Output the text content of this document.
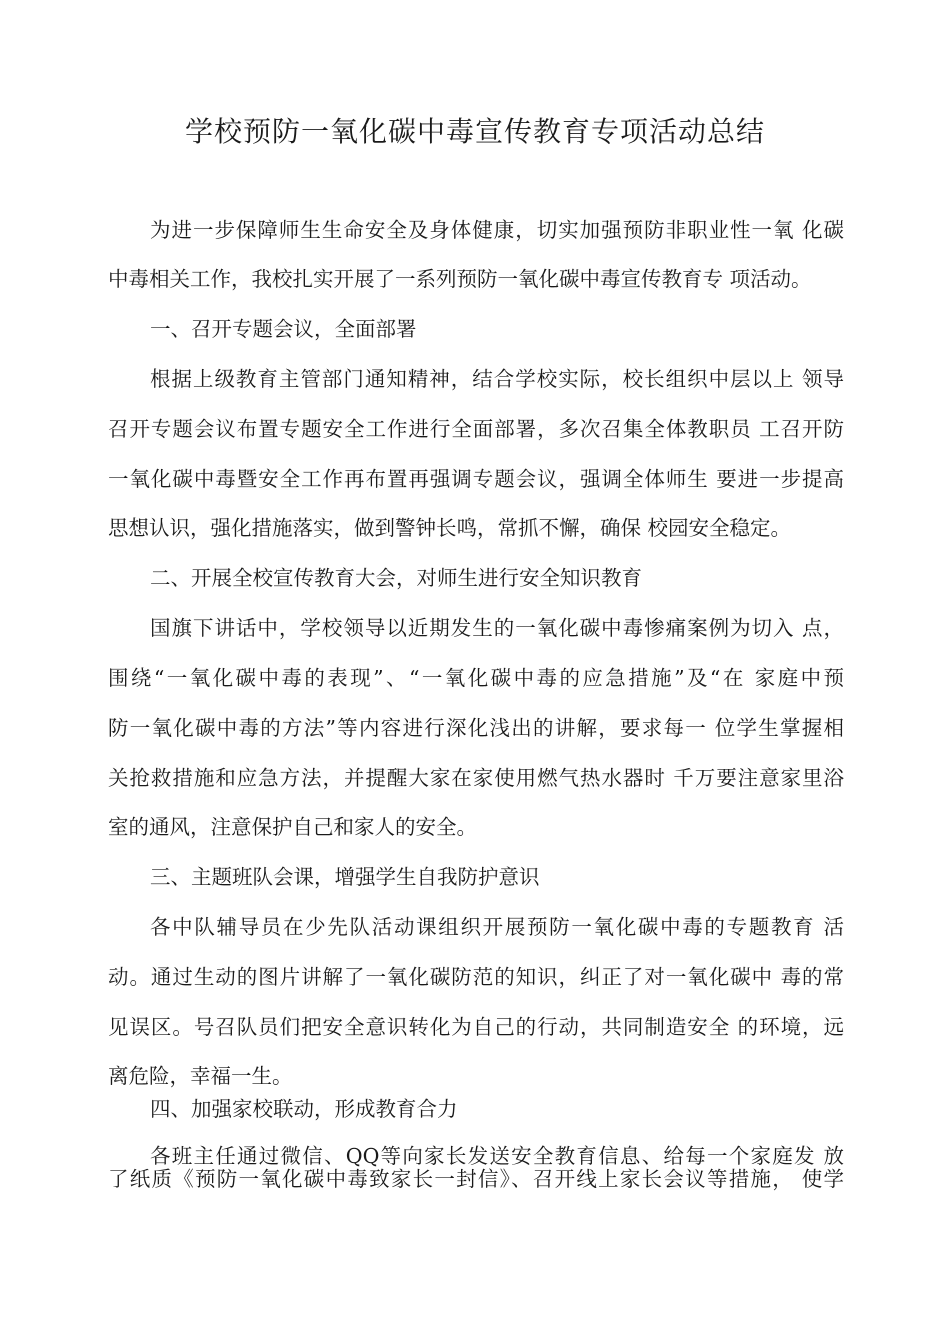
学校预防一氧化碳中毒宣传教育专项活动总结
为进一步保障师生生命安全及身体健康，切实加强预防非职业性一氧 化碳
中毒相关工作，我校扎实开展了一系列预防一氧化碳中毒宣传教育专 项活动。
一、召开专题会议，全面部署
根据上级教育主管部门通知精神，结合学校实际，校长组织中层以上 领导
召开专题会议布置专题安全工作进行全面部署，多次召集全体教职员 工召开防
一氧化碳中毒暨安全工作再布置再强调专题会议，强调全体师生 要进一步提高
思想认识，强化措施落实，做到警钟长鸣，常抓不懈，确保 校园安全稳定。
二、开展全校宣传教育大会，对师生进行安全知识教育
国旗下讲话中，学校领导以近期发生的一氧化碳中毒惨痛案例为切入 点，
围绕“一氧化碳中毒的表现”、“一氧化碳中毒的应急措施”及“在 家庭中预
防一氧化碳中毒的方法”等内容进行深化浅出的讲解，要求每一 位学生掌握相
关抢救措施和应急方法，并提醒大家在家使用燃气热水器时 千万要注意家里浴
室的通风，注意保护自己和家人的安全。
三、主题班队会课，增强学生自我防护意识
各中队辅导员在少先队活动课组织开展预防一氧化碳中毒的专题教育 活
动。通过生动的图片讲解了一氧化碳防范的知识，纠正了对一氧化碳中 毒的常
见误区。号召队员们把安全意识转化为自己的行动，共同制造安全 的环境，远
离危险，幸福一生。
四、加强家校联动，形成教育合力
各班主任通过微信、QQ等向家长发送安全教育信息、给每一个家庭发 放
了纸质《预防一氧化碳中毒致家长一封信》、召开线上家长会议等措施， 使学
